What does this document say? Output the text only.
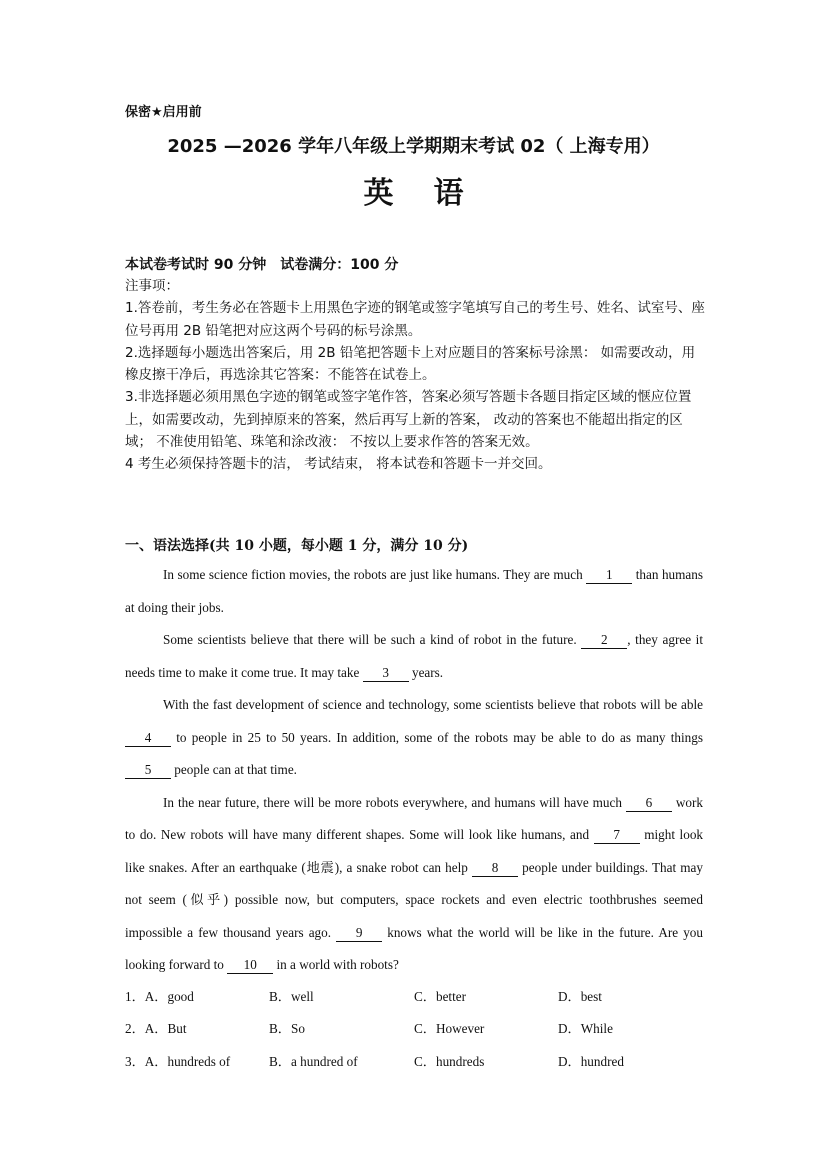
保密★启用前
2025 —2026 学年八年级上学期期末考试 02（ 上海专用）
英语
本试卷考试时 90 分钟　试卷满分：100 分
注事项：
1.答卷前，考生务必在答题卡上用黑色字迹的钢笔或签字笔填写自己的考生号、姓名、试室号、座位号再用 2B 铅笔把对应这两个号码的标号涂黑。
2.选择题每小题选出答案后，用 2B 铅笔把答题卡上对应题目的答案标号涂黑： 如需要改动，用橡皮擦干净后，再选涂其它答案：不能答在试卷上。
3.非选择题必须用黑色字迹的钢笔或签字笔作答，答案必须写答题卡各题目指定区域的惬应位置上，如需要改动，先到掉原来的答案，然后再写上新的答案， 改动的答案也不能超出指定的区域； 不准使用铅笔、珠笔和涂改液： 不按以上要求作答的答案无效。
4 考生必须保持答题卡的洁， 考试结束， 将本试卷和答题卡一并交回。
一、语法选择(共 10 小题，每小题 1 分，满分 10 分)

In some science fiction movies, the robots are just like humans. They are much 1 than humans at doing their jobs.

Some scientists believe that there will be such a kind of robot in the future. 2 , they agree it needs time to make it come true. It may take 3 years.

With the fast development of science and technology, some scientists believe that robots will be able 4 to people in 25 to 50 years. In addition, some of the robots may be able to do as many things 5 people can at that time.

In the near future, there will be more robots everywhere, and humans will have much 6 work to do. New robots will have many different shapes. Some will look like humans, and 7 might look like snakes. After an earthquake (地震), a snake robot can help 8 people under buildings. That may not seem (似乎) possible now, but computers, space rockets and even electric toothbrushes seemed impossible a few thousand years ago. 9 knows what the world will be like in the future. Are you looking forward to 10 in a world with robots?

1．A．good	B．well	C．better	D．best
2．A．But	B．So	C．However	D．While
3．A．hundreds of	B．a hundred of	C．hundreds	D．hundred
